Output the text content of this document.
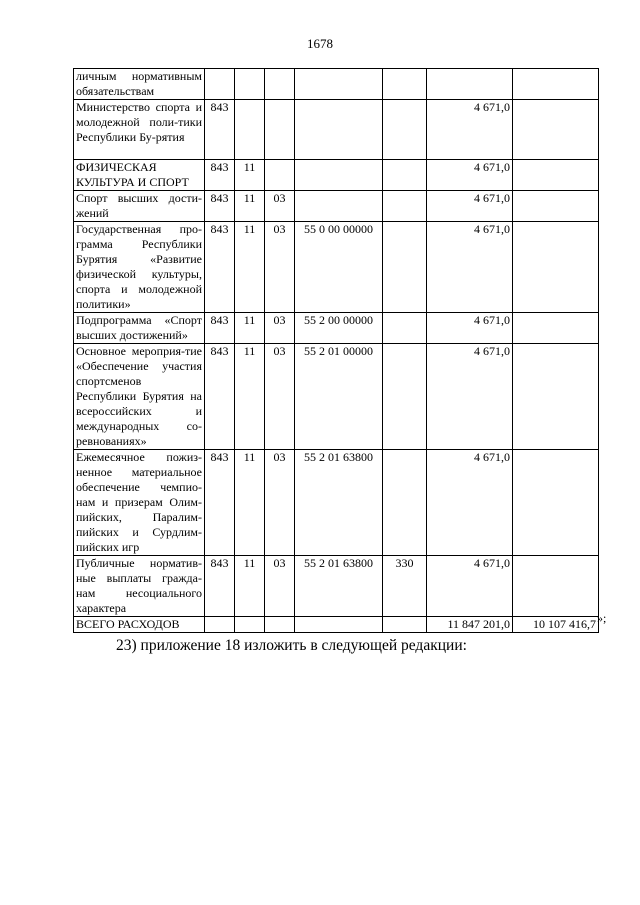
1678
личным нормативным обязательствам							
Министерство спорта и молодежной поли-тики Республики Бу-рятия	843					4 671,0	
ФИЗИЧЕСКАЯ КУЛЬТУРА И СПОРТ	843	11				4 671,0	
Спорт высших дости-жений	843	11	03			4 671,0	
Государственная про-грамма Республики Бурятия «Развитие физической культуры, спорта и молодежной политики»	843	11	03	55 0 00 00000		4 671,0	
Подпрограмма «Спорт высших достижений»	843	11	03	55 2 00 00000		4 671,0	
Основное мероприя-тие «Обеспечение участия спортсменов Республики Бурятия на всероссийских и международных со-ревнованиях»	843	11	03	55 2 01 00000		4 671,0	
Ежемесячное пожиз-ненное материальное обеспечение чемпио-нам и призерам Олим-пийских, Паралим-пийских и Сурдлим-пийских игр	843	11	03	55 2 01 63800		4 671,0	
Публичные норматив-ные выплаты гражда-нам несоциального характера	843	11	03	55 2 01 63800	330	4 671,0	
ВСЕГО РАСХОДОВ						11 847 201,0	10 107 416,7 »;
23) приложение 18 изложить в следующей редакции:
